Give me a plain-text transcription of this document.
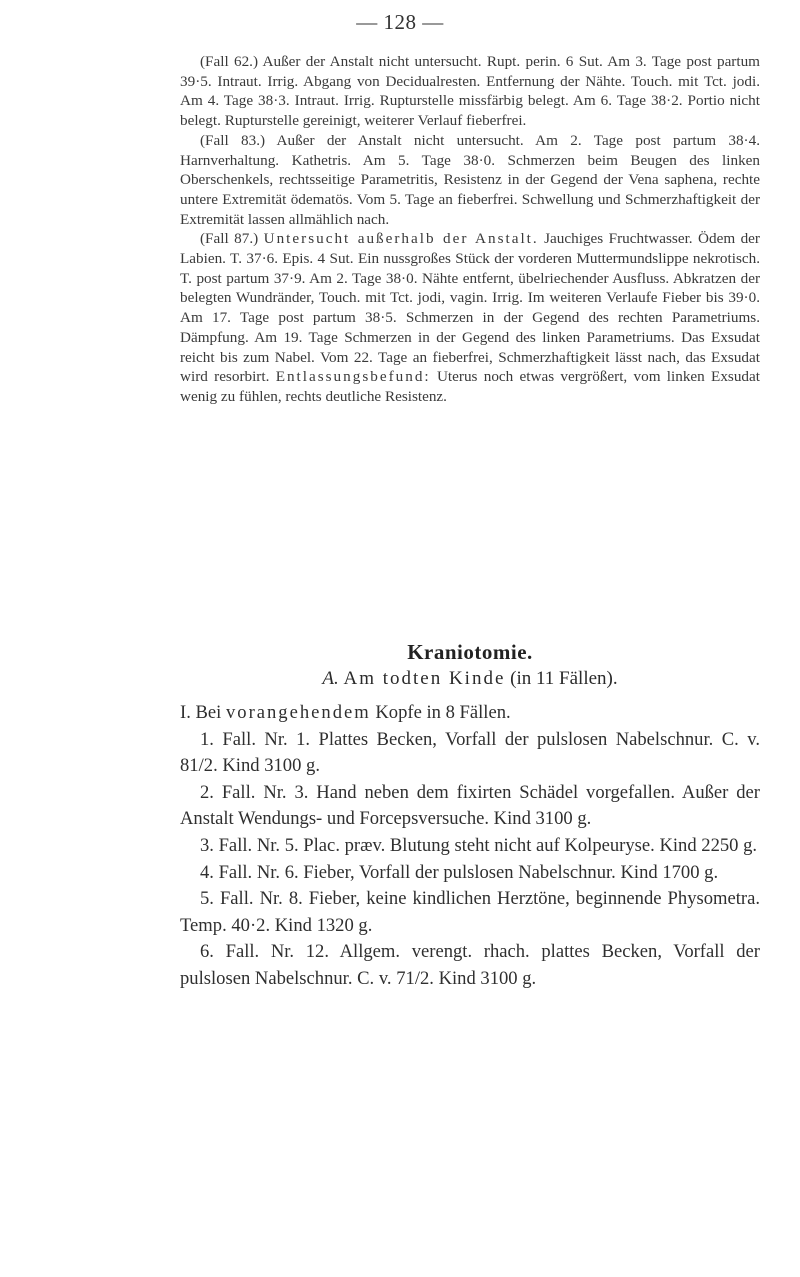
— 128 —

(Fall 62.) Außer der Anstalt nicht untersucht. Rupt. perin. 6 Sut. Am 3. Tage post partum 39·5. Intraut. Irrig. Abgang von Decidualresten. Entfernung der Nähte. Touch. mit Tct. jodi. Am 4. Tage 38·3. Intraut. Irrig. Rupturstelle missfärbig belegt. Am 6. Tage 38·2. Portio nicht belegt. Rupturstelle gereinigt, weiterer Verlauf fieberfrei.

(Fall 83.) Außer der Anstalt nicht untersucht. Am 2. Tage post partum 38·4. Harnverhaltung. Kathetris. Am 5. Tage 38·0. Schmerzen beim Beugen des linken Oberschenkels, rechtsseitige Parametritis, Resistenz in der Gegend der Vena saphena, rechte untere Extremität ödematös. Vom 5. Tage an fieberfrei. Schwellung und Schmerzhaftigkeit der Extremität lassen allmählich nach.

(Fall 87.) Untersucht außerhalb der Anstalt. Jauchiges Fruchtwasser. Ödem der Labien. T. 37·6. Epis. 4 Sut. Ein nussgroßes Stück der vorderen Muttermundslippe nekrotisch. T. post partum 37·9. Am 2. Tage 38·0. Nähte entfernt, übelriechender Ausfluss. Abkratzen der belegten Wundränder, Touch. mit Tct. jodi, vagin. Irrig. Im weiteren Verlaufe Fieber bis 39·0. Am 17. Tage post partum 38·5. Schmerzen in der Gegend des rechten Parametriums. Dämpfung. Am 19. Tage Schmerzen in der Gegend des linken Parametriums. Das Exsudat reicht bis zum Nabel. Vom 22. Tage an fieberfrei, Schmerzhaftigkeit lässt nach, das Exsudat wird resorbirt. Entlassungsbefund: Uterus noch etwas vergrößert, vom linken Exsudat wenig zu fühlen, rechts deutliche Resistenz.

Kraniotomie.
A. Am todten Kinde (in 11 Fällen).

I. Bei vorangehendem Kopfe in 8 Fällen.

1. Fall. Nr. 1. Plattes Becken, Vorfall der pulslosen Nabelschnur. C. v. 81/2. Kind 3100 g.

2. Fall. Nr. 3. Hand neben dem fixirten Schädel vorgefallen. Außer der Anstalt Wendungs- und Forcepsversuche. Kind 3100 g.

3. Fall. Nr. 5. Plac. præv. Blutung steht nicht auf Kolpeuryse. Kind 2250 g.

4. Fall. Nr. 6. Fieber, Vorfall der pulslosen Nabelschnur. Kind 1700 g.

5. Fall. Nr. 8. Fieber, keine kindlichen Herztöne, beginnende Physometra. Temp. 40·2. Kind 1320 g.

6. Fall. Nr. 12. Allgem. verengt. rhach. plattes Becken, Vorfall der pulslosen Nabelschnur. C. v. 71/2. Kind 3100 g.
